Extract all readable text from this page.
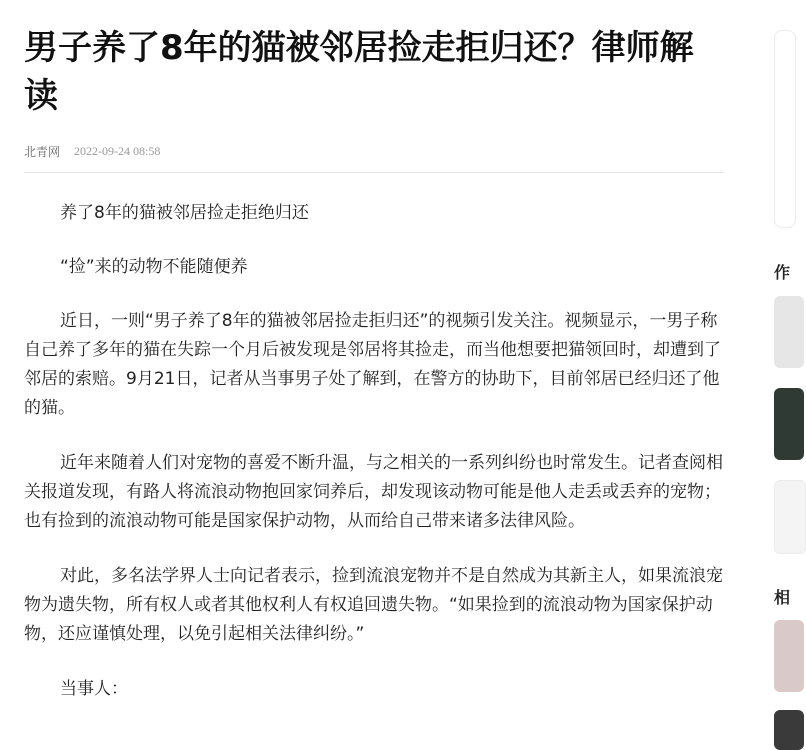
男子养了8年的猫被邻居捡走拒归还？律师解读
北青网 2022-09-24 08:58

养了8年的猫被邻居捡走拒绝归还

“捡”来的动物不能随便养

近日，一则“男子养了8年的猫被邻居捡走拒归还”的视频引发关注。视频显示，一男子称自己养了多年的猫在失踪一个月后被发现是邻居将其捡走，而当他想要把猫领回时，却遭到了邻居的索赔。9月21日，记者从当事男子处了解到，在警方的协助下，目前邻居已经归还了他的猫。

近年来随着人们对宠物的喜爱不断升温，与之相关的一系列纠纷也时常发生。记者查阅相关报道发现，有路人将流浪动物抱回家饲养后，却发现该动物可能是他人走丢或丢弃的宠物；也有捡到的流浪动物可能是国家保护动物，从而给自己带来诸多法律风险。

对此，多名法学界人士向记者表示，捡到流浪宠物并不是自然成为其新主人，如果流浪宠物为遗失物，所有权人或者其他权利人有权追回遗失物。“如果捡到的流浪动物为国家保护动物，还应谨慎处理，以免引起相关法律纠纷。”

当事人：

作
相
